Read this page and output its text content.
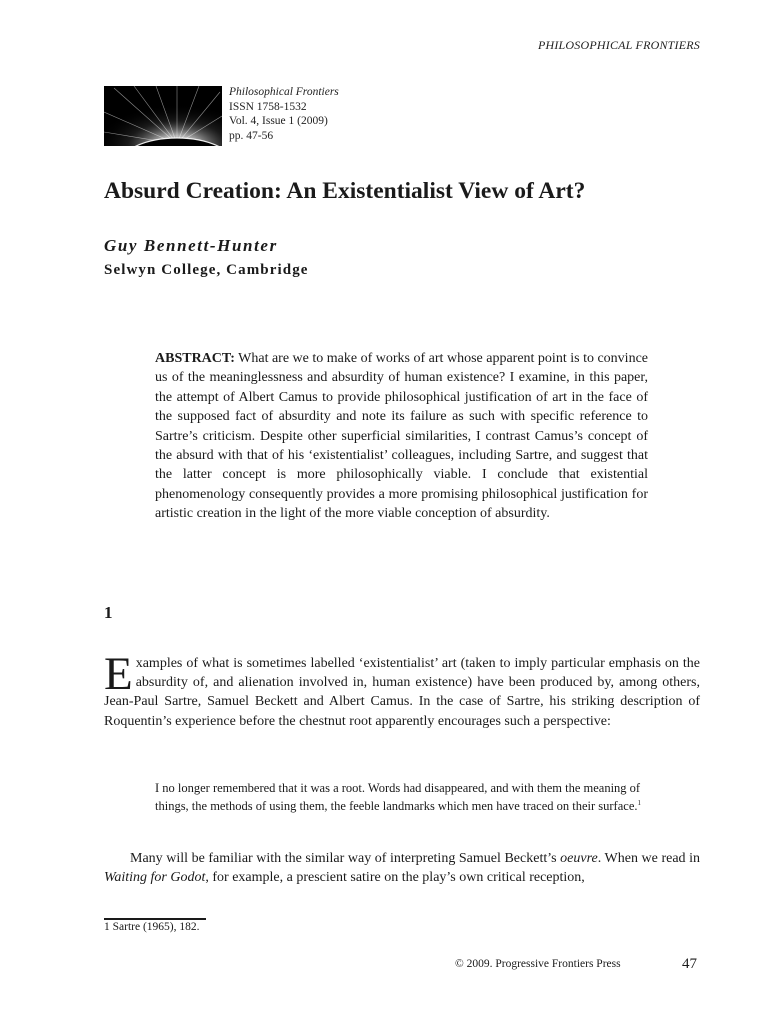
PHILOSOPHICAL FRONTIERS
Philosophical Frontiers
ISSN 1758-1532
Vol. 4, Issue 1 (2009)
pp. 47-56
Absurd Creation: An Existentialist View of Art?

Guy Bennett-Hunter

Selwyn College, Cambridge

ABSTRACT: What are we to make of works of art whose apparent point is to convince us of the meaninglessness and absurdity of human existence? I examine, in this paper, the attempt of Albert Camus to provide philosophical justification of art in the face of the supposed fact of absurdity and note its failure as such with specific reference to Sartre’s criticism. Despite other superficial similarities, I contrast Camus’s concept of the absurd with that of his ‘existentialist’ colleagues, including Sartre, and suggest that the latter concept is more philosophically viable. I conclude that existential phenomenology consequently provides a more promising philosophical justification for artistic creation in the light of the more viable conception of absurdity.

1

Examples of what is sometimes labelled ‘existentialist’ art (taken to imply particular emphasis on the absurdity of, and alienation involved in, human existence) have been produced by, among others, Jean-Paul Sartre, Samuel Beckett and Albert Camus. In the case of Sartre, his striking description of Roquentin’s experience before the chestnut root apparently encourages such a perspective:

I no longer remembered that it was a root. Words had disappeared, and with them the meaning of things, the methods of using them, the feeble landmarks which men have traced on their surface.$^1$

Many will be familiar with the similar way of interpreting Samuel Beckett’s oeuvre. When we read in Waiting for Godot, for example, a prescient satire on the play’s own critical reception,

1 Sartre (1965), 182.

© 2009. Progressive Frontiers Press	47
